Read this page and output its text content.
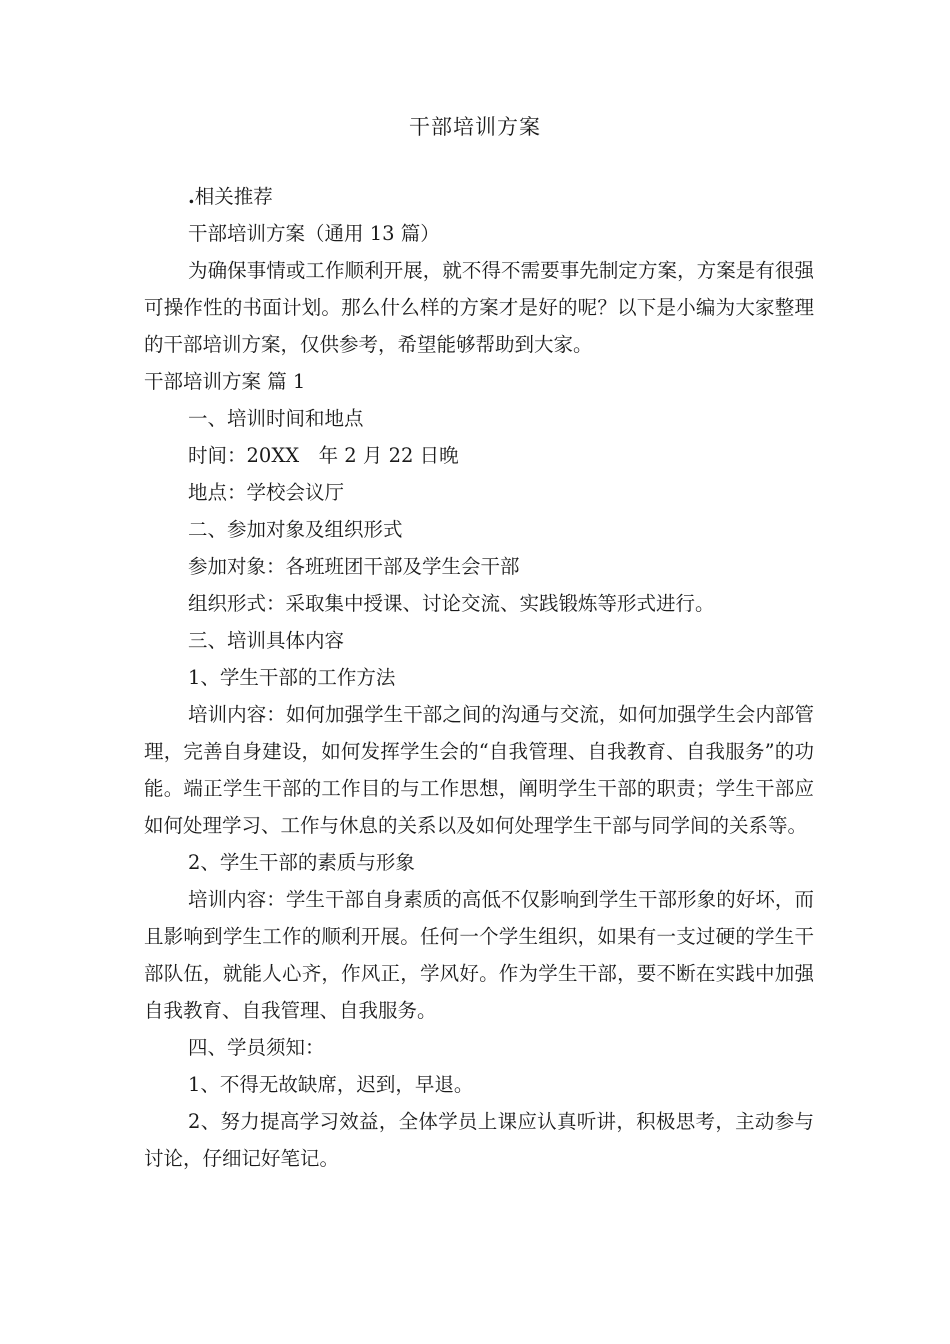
干部培训方案

.相关推荐

干部培训方案（通用 13 篇）

为确保事情或工作顺利开展，就不得不需要事先制定方案，方案是有很强可操作性的书面计划。那么什么样的方案才是好的呢？以下是小编为大家整理的干部培训方案，仅供参考，希望能够帮助到大家。

干部培训方案 篇 1

一、培训时间和地点

时间：20XX　年 2 月 22 日晚

地点：学校会议厅

二、参加对象及组织形式

参加对象：各班班团干部及学生会干部

组织形式：采取集中授课、讨论交流、实践锻炼等形式进行。

三、培训具体内容

1、学生干部的工作方法

培训内容：如何加强学生干部之间的沟通与交流，如何加强学生会内部管理，完善自身建设，如何发挥学生会的“自我管理、自我教育、自我服务”的功能。端正学生干部的工作目的与工作思想，阐明学生干部的职责；学生干部应如何处理学习、工作与休息的关系以及如何处理学生干部与同学间的关系等。

2、学生干部的素质与形象

培训内容：学生干部自身素质的高低不仅影响到学生干部形象的好坏，而且影响到学生工作的顺利开展。任何一个学生组织，如果有一支过硬的学生干部队伍，就能人心齐，作风正，学风好。作为学生干部，要不断在实践中加强自我教育、自我管理、自我服务。

四、学员须知：

1、不得无故缺席，迟到，早退。

2、努力提高学习效益，全体学员上课应认真听讲，积极思考，主动参与讨论，仔细记好笔记。
